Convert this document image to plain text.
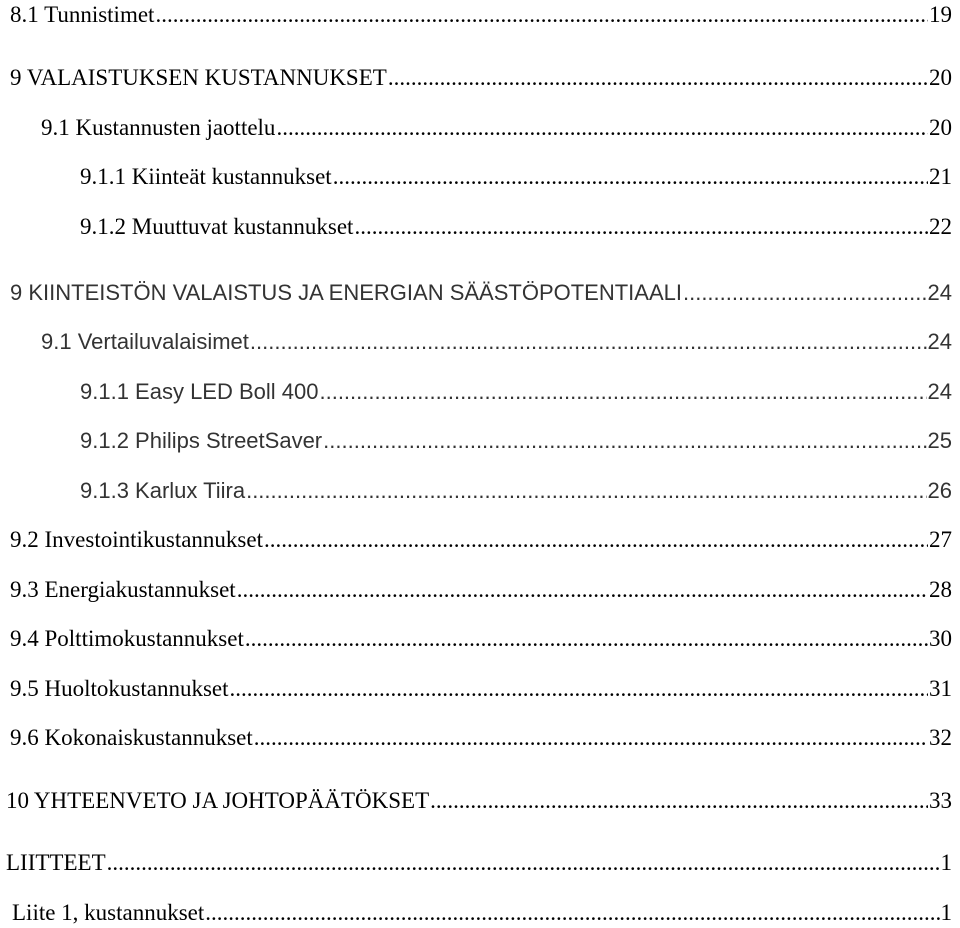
8.1 Tunnistimet .....	19
9 VALAISTUKSEN KUSTANNUKSET .....	20
9.1 Kustannusten jaottelu .....	20
9.1.1 Kiinteät kustannukset .....	21
9.1.2 Muuttuvat kustannukset .....	22
9 KIINTEISTÖN VALAISTUS JA ENERGIAN SÄÄSTÖPOTENTIAALI .....	24
9.1 Vertailuvalaisimet .....	24
9.1.1 Easy LED Boll 400 .....	24
9.1.2 Philips StreetSaver .....	25
9.1.3 Karlux Tiira .....	26
9.2 Investointikustannukset .....	27
9.3 Energiakustannukset .....	28
9.4 Polttimokustannukset .....	30
9.5 Huoltokustannukset .....	31
9.6 Kokonaiskustannukset .....	32
10 YHTEENVETO JA JOHTOPÄÄTÖKSET .....	33
LIITTEET .....	1
Liite 1, kustannukset .....	1
